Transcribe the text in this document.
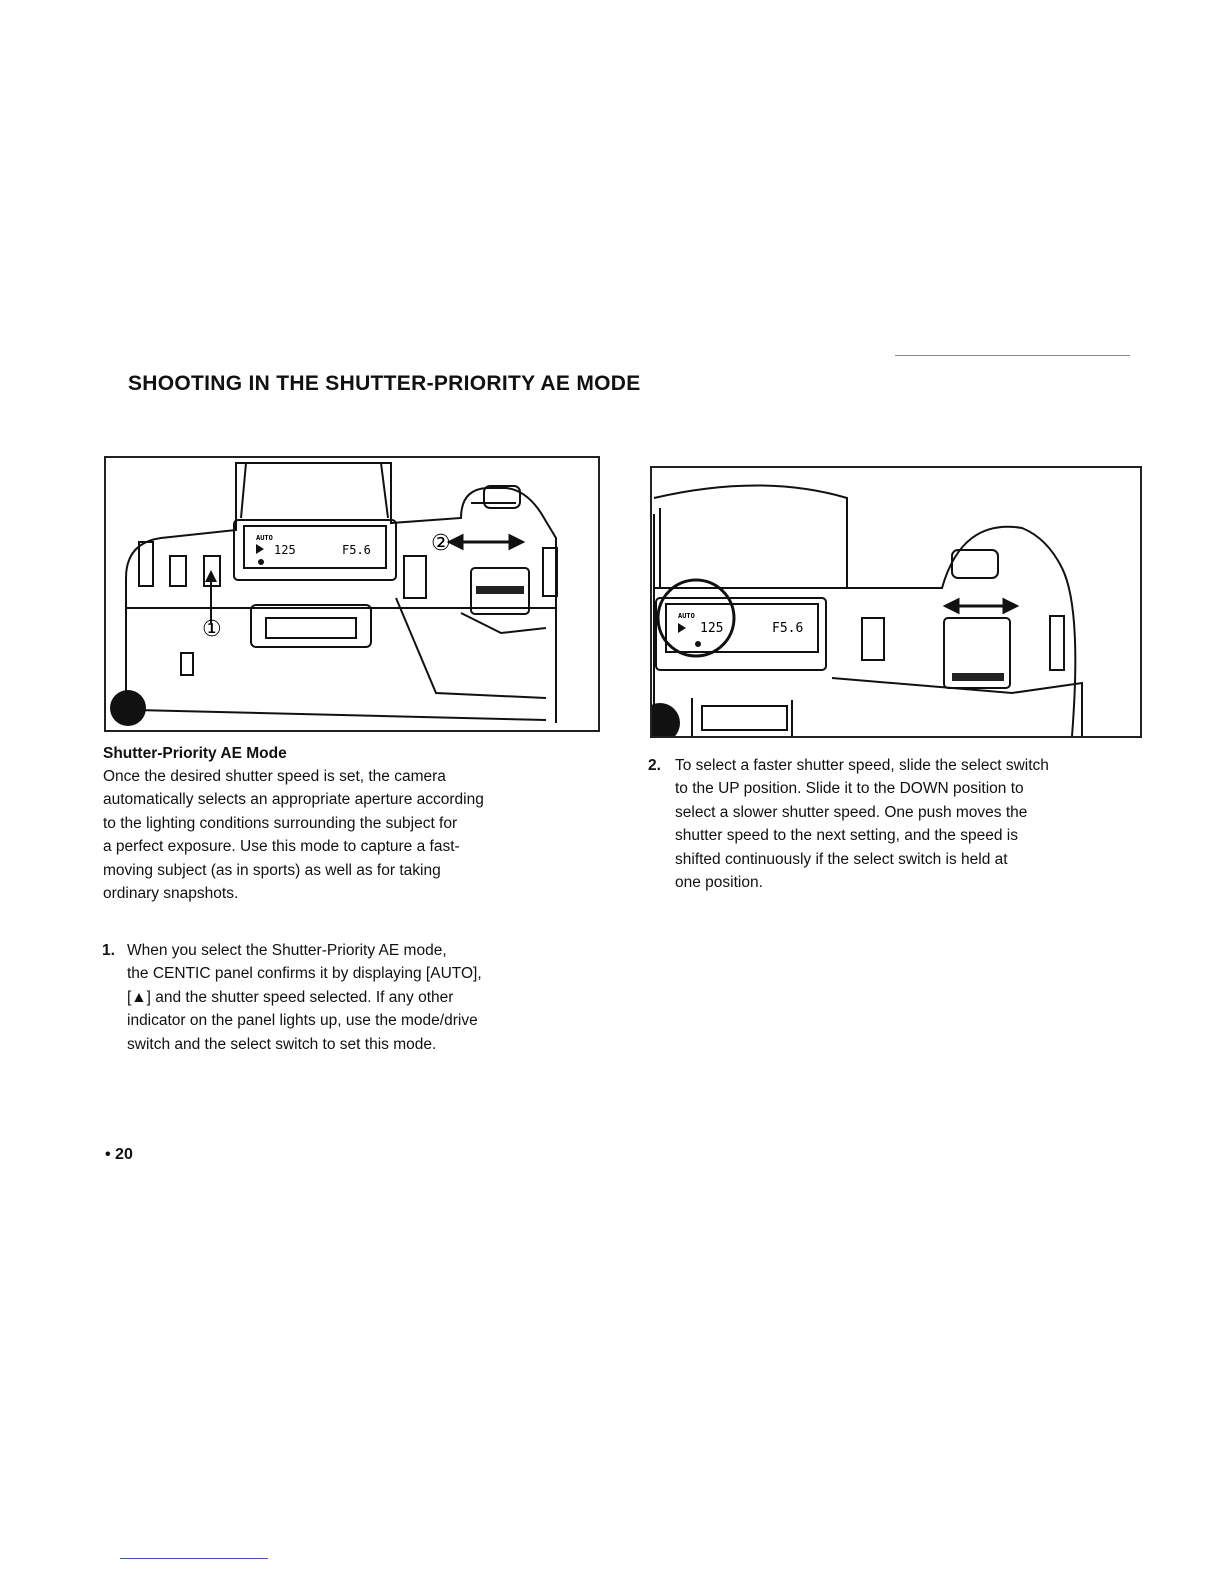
SHOOTING IN THE SHUTTER-PRIORITY AE MODE
①
②
AUTO
125	F5.6
AUTO
125	F5.6
Shutter-Priority AE Mode
Once the desired shutter speed is set, the camera
automatically selects an appropriate aperture according
to the lighting conditions surrounding the subject for
a perfect exposure. Use this mode to capture a fast-
moving subject (as in sports) as well as for taking
ordinary snapshots.
1. When you select the Shutter-Priority AE mode,
the CENTIC panel confirms it by displaying [AUTO],
[▲] and the shutter speed selected. If any other
indicator on the panel lights up, use the mode/drive
switch and the select switch to set this mode.
2. To select a faster shutter speed, slide the select switch
to the UP position. Slide it to the DOWN position to
select a slower shutter speed. One push moves the
shutter speed to the next setting, and the speed is
shifted continuously if the select switch is held at
one position.
• 20
